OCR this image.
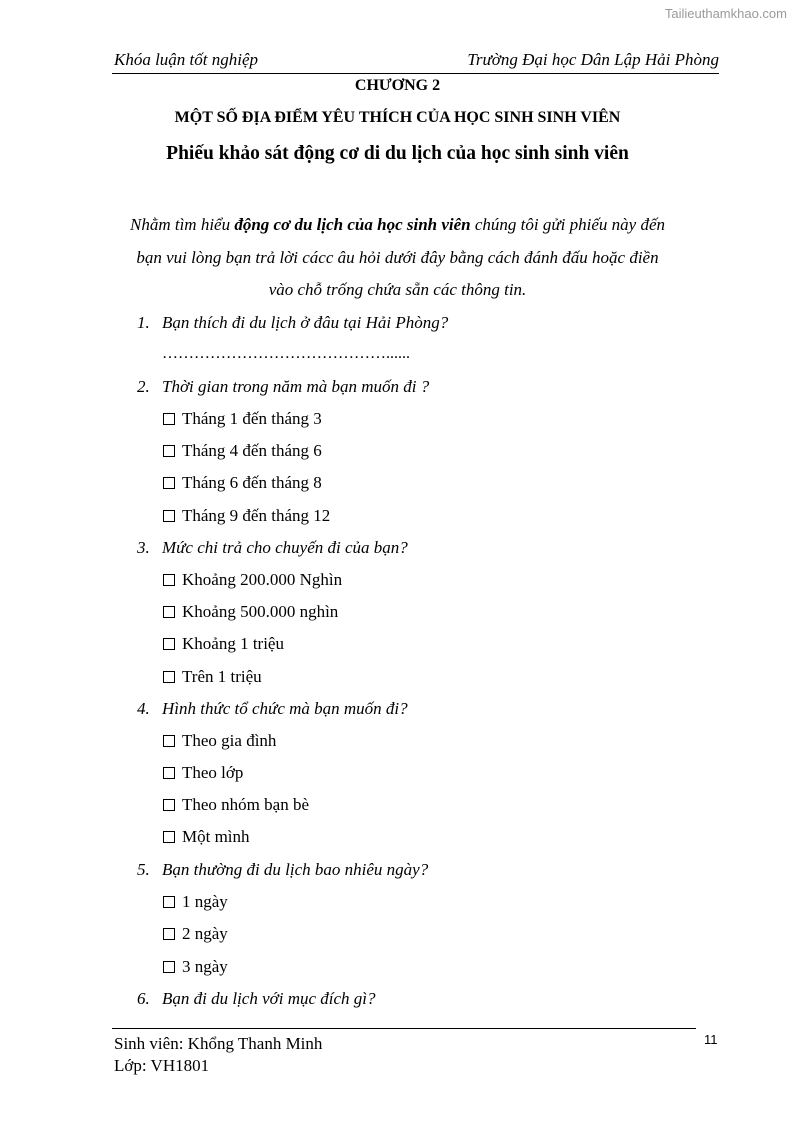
Tailieuthamkhao.com
Khóa luận tốt nghiệp	Trường Đại học Dân Lập Hải Phòng
CHƯƠNG 2
MỘT SỐ ĐỊA ĐIỂM YÊU THÍCH CỦA HỌC SINH SINH VIÊN
Phiếu khảo sát động cơ di du lịch của học sinh sinh viên
Nhằm tìm hiểu động cơ du lịch của học sinh viên chúng tôi gửi phiếu này đến
bạn vui lòng bạn trả lời cácc âu hỏi dưới đây bằng cách đánh đấu hoặc điền
vào chỗ trống chứa sẵn các thông tin.
1. Bạn thích đi du lịch ở đâu tại Hải Phòng?
……………………………………......
2. Thời gian trong năm mà bạn muốn đi ?
Tháng 1 đến tháng 3
Tháng 4 đến tháng 6
Tháng 6 đến tháng 8
Tháng 9 đến tháng 12
3. Mức chi trả cho chuyến đi của bạn?
Khoảng 200.000 Nghìn
Khoảng 500.000 nghìn
Khoảng 1 triệu
Trên 1 triệu
4. Hình thức tổ chức mà bạn muốn đi?
Theo gia đình
Theo lớp
Theo nhóm bạn bè
Một mình
5. Bạn thường đi du lịch bao nhiêu ngày?
1 ngày
2 ngày
3 ngày
6. Bạn đi du lịch với mục đích gì?
11
Sinh viên: Khổng Thanh Minh
Lớp: VH1801
